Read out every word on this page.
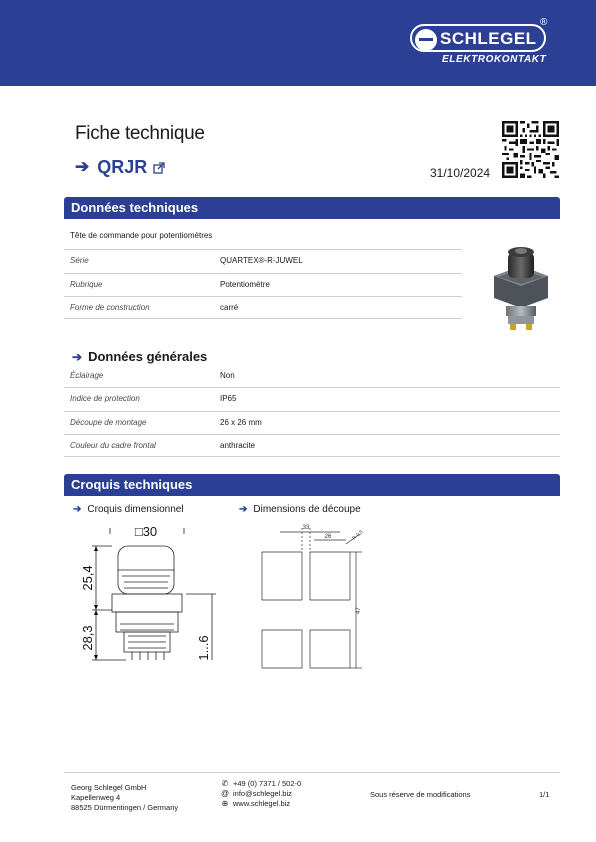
SCHLEGEL
®
ELEKTROKONTAKT
Fiche technique
➔ QRJR	31/10/2024
Données techniques
Tête de commande pour potentiomètres
Série	QUARTEX®-R-JUWEL
Rubrique	Potentiomètre
Forme de construction	carré
➔ Données générales
Éclairage	Non
Indice de protection	IP65
Découpe de montage	26 x 26 mm
Couleur du cadre frontal	anthracite
Croquis techniques
➔ Croquis dimensionnel	➔ Dimensions de découpe
□30
25,4
28,3	1...6
33
26	R 0,5
47
Georg Schlegel GmbH
Kapellenweg 4
88525 Dürmentingen / Germany
✆ +49 (0) 7371 / 502-0
@ info@schlegel.biz
⊕ www.schlegel.biz
Sous réserve de modifications	1/1
